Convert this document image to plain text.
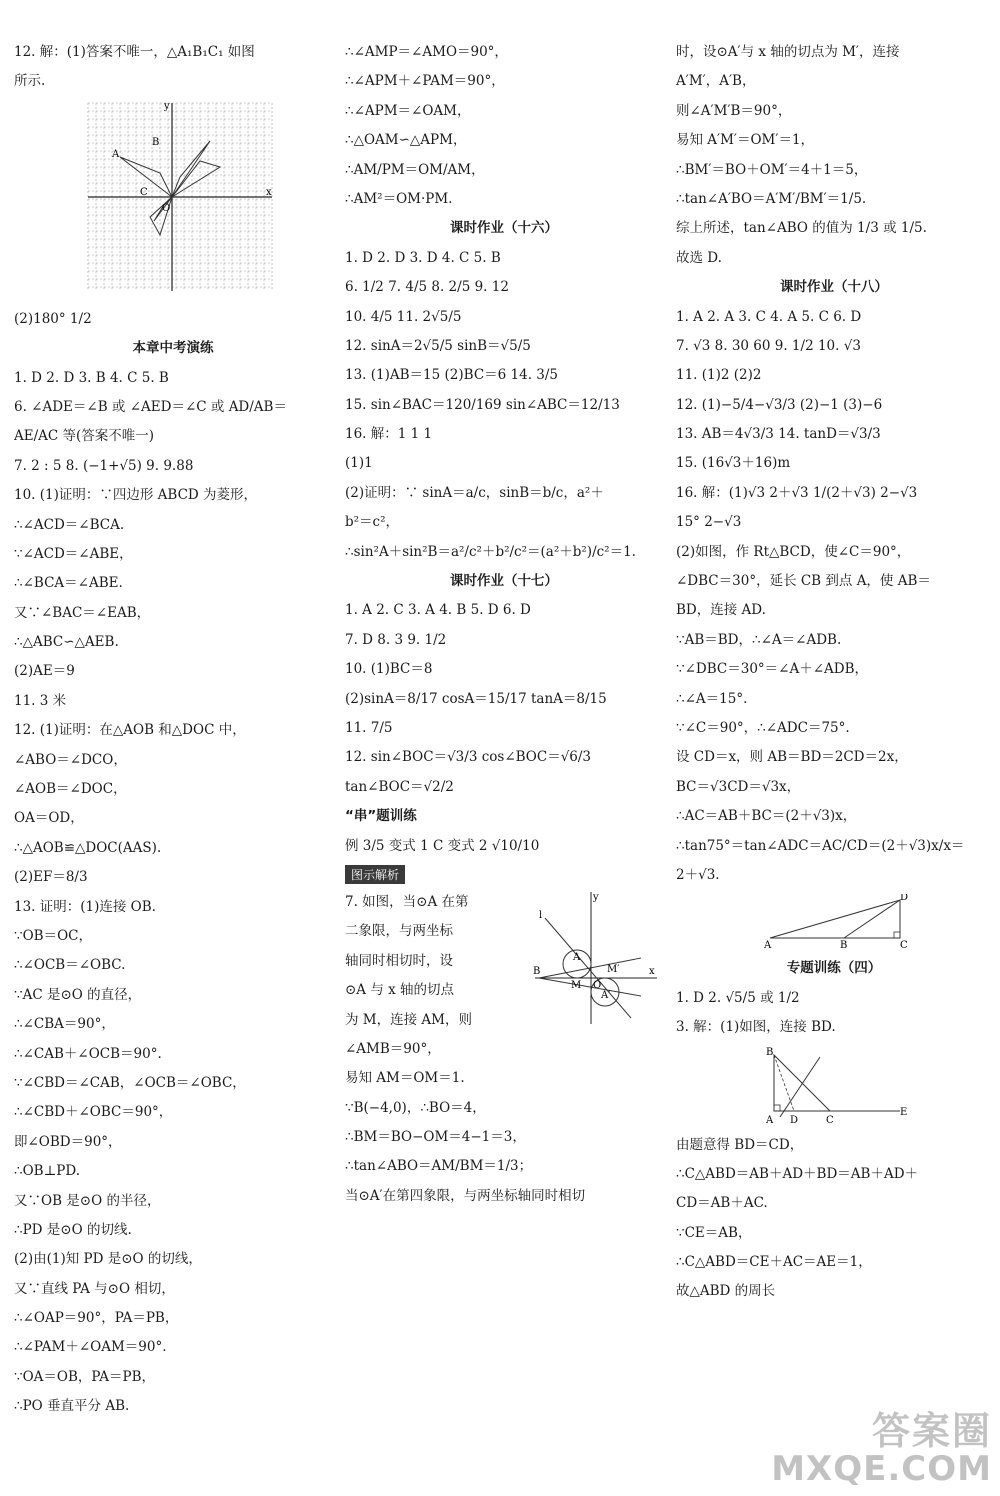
12. 解：(1)答案不唯一，△A₁B₁C₁ 如图
所示.
y
B
A
C	x
O
(2)180° 1/2
本章中考演练
1. D 2. D 3. B 4. C 5. B
6. ∠ADE＝∠B 或 ∠AED＝∠C 或 AD/AB＝
AE/AC 等(答案不唯一)
7. 2 : 5 8. (−1+√5) 9. 9.88
10. (1)证明：∵四边形 ABCD 为菱形，
∴∠ACD＝∠BCA.
∵∠ACD＝∠ABE，
∴∠BCA＝∠ABE.
又∵∠BAC＝∠EAB，
∴△ABC∽△AEB.
(2)AE＝9
11. 3 米
12. (1)证明：在△AOB 和△DOC 中，
∠ABO＝∠DCO，
∠AOB＝∠DOC，
OA＝OD，
∴△AOB≌△DOC(AAS).
(2)EF＝8/3
13. 证明：(1)连接 OB.
∵OB＝OC，
∴∠OCB＝∠OBC.
∵AC 是⊙O 的直径，
∴∠CBA＝90°，
∴∠CAB＋∠OCB＝90°.
∵∠CBD＝∠CAB，∠OCB＝∠OBC，
∴∠CBD＋∠OBC＝90°，
即∠OBD＝90°，
∴OB⊥PD.
又∵OB 是⊙O 的半径，
∴PD 是⊙O 的切线.
(2)由(1)知 PD 是⊙O 的切线，
又∵直线 PA 与⊙O 相切，
∴∠OAP＝90°，PA＝PB，
∴∠PAM＋∠OAM＝90°.
∵OA＝OB，PA＝PB，
∴PO 垂直平分 AB.
∴∠AMP＝∠AMO＝90°，
∴∠APM＋∠PAM＝90°，
∴∠APM＝∠OAM，
∴△OAM∽△APM，
∴AM/PM＝OM/AM，
∴AM²＝OM·PM.
课时作业（十六）
1. D 2. D 3. D 4. C 5. B
6. 1/2 7. 4/5 8. 2/5 9. 12
10. 4/5 11. 2√5/5
12. sinA＝2√5/5 sinB＝√5/5
13. (1)AB＝15 (2)BC＝6 14. 3/5
15. sin∠BAC＝120/169 sin∠ABC＝12/13
16. 解：1 1 1
(1)1
(2)证明：∵ sinA＝a/c，sinB＝b/c，a²＋
b²＝c²，
∴sin²A＋sin²B＝a²/c²＋b²/c²＝(a²＋b²)/c²＝1.
课时作业（十七）
1. A 2. C 3. A 4. B 5. D 6. D
7. D 8. 3 9. 1/2
10. (1)BC＝8
(2)sinA＝8/17 cosA＝15/17 tanA＝8/15
11. 7/5
12. sin∠BOC＝√3/3 cos∠BOC＝√6/3
tan∠BOC＝√2/2
“串”题训练
例 3/5 变式 1 C 变式 2 √10/10
图示解析
7. 如图，当⊙A 在第
二象限，与两坐标
轴同时相切时，设
⊙A 与 x 轴的切点
为 M，连接 AM，则
∠AMB＝90°，
易知 AM＝OM＝1.
∵B(−4,0)，∴BO＝4，
∴BM＝BO−OM＝4−1＝3，
∴tan∠ABO＝AM/BM＝1/3；
当⊙A′在第四象限，与两坐标轴同时相切
l
y
B
A
M′
M O
A′
x
时，设⊙A′与 x 轴的切点为 M′，连接
A′M′，A′B，
则∠A′M′B＝90°，
易知 A′M′＝OM′＝1，
∴BM′＝BO＋OM′＝4＋1＝5，
∴tan∠A′BO＝A′M′/BM′＝1/5.
综上所述，tan∠ABO 的值为 1/3 或 1/5.
故选 D.
课时作业（十八）
1. A 2. A 3. C 4. A 5. C 6. D
7. √3 8. 30 60 9. 1/2 10. √3
11. (1)2 (2)2
12. (1)−5/4−√3/3 (2)−1 (3)−6
13. AB＝4√3/3 14. tanD＝√3/3
15. (16√3＋16)m
16. 解：(1)√3 2＋√3 1/(2＋√3) 2−√3
15° 2−√3
(2)如图，作 Rt△BCD，使∠C＝90°，
∠DBC＝30°，延长 CB 到点 A，使 AB＝
BD，连接 AD.
∵AB＝BD，∴∠A＝∠ADB.
∵∠DBC＝30°＝∠A＋∠ADB，
∴∠A＝15°.
∵∠C＝90°，∴∠ADC＝75°.
设 CD＝x，则 AB＝BD＝2CD＝2x，
BC＝√3CD＝√3x，
∴AC＝AB＋BC＝(2＋√3)x，
∴tan75°＝tan∠ADC＝AC/CD＝(2＋√3)x/x＝
2＋√3.
D
A	B	C
专题训练（四）
1. D 2. √5/5 或 1/2
3. 解：(1)如图，连接 BD.
B
A D	C
E
由题意得 BD＝CD，
∴C△ABD＝AB＋AD＋BD＝AB＋AD＋
CD＝AB＋AC.
∵CE＝AB，
∴C△ABD＝CE＋AC＝AE＝1，
故△ABD 的周长
答案圈
MXQE.COM
